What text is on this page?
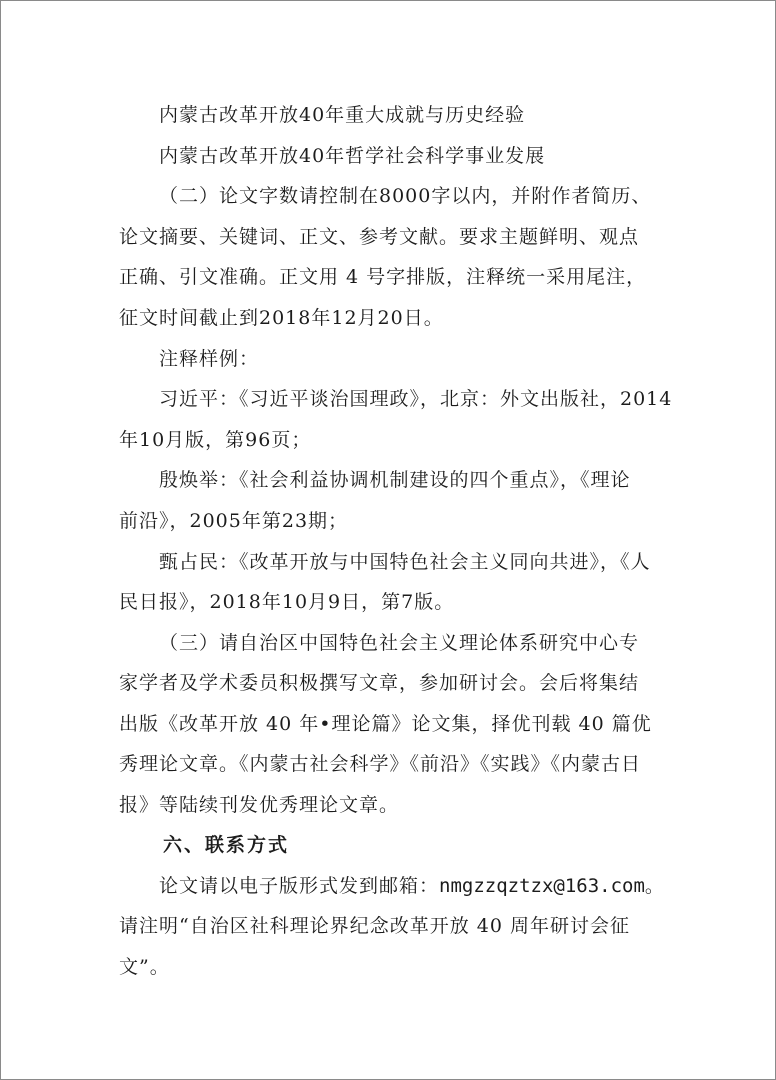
内蒙古改革开放40年重大成就与历史经验
内蒙古改革开放40年哲学社会科学事业发展
（二）论文字数请控制在8000字以内，并附作者简历、
论文摘要、关键词、正文、参考文献。要求主题鲜明、观点
正确、引文准确。正文用 4 号字排版，注释统一采用尾注，
征文时间截止到2018年12月20日。
注释样例：
习近平：《习近平谈治国理政》，北京：外文出版社，2014
年10月版，第96页；
殷焕举：《社会利益协调机制建设的四个重点》，《理论
前沿》，2005年第23期；
甄占民：《改革开放与中国特色社会主义同向共进》，《人
民日报》，2018年10月9日，第7版。
（三）请自治区中国特色社会主义理论体系研究中心专
家学者及学术委员积极撰写文章，参加研讨会。会后将集结
出版《改革开放 40 年•理论篇》论文集，择优刊载 40 篇优
秀理论文章。《内蒙古社会科学》《前沿》《实践》《内蒙古日
报》等陆续刊发优秀理论文章。
六、联系方式
论文请以电子版形式发到邮箱：nmgzzqztzx@163.com。
请注明“自治区社科理论界纪念改革开放 40 周年研讨会征
文”。
